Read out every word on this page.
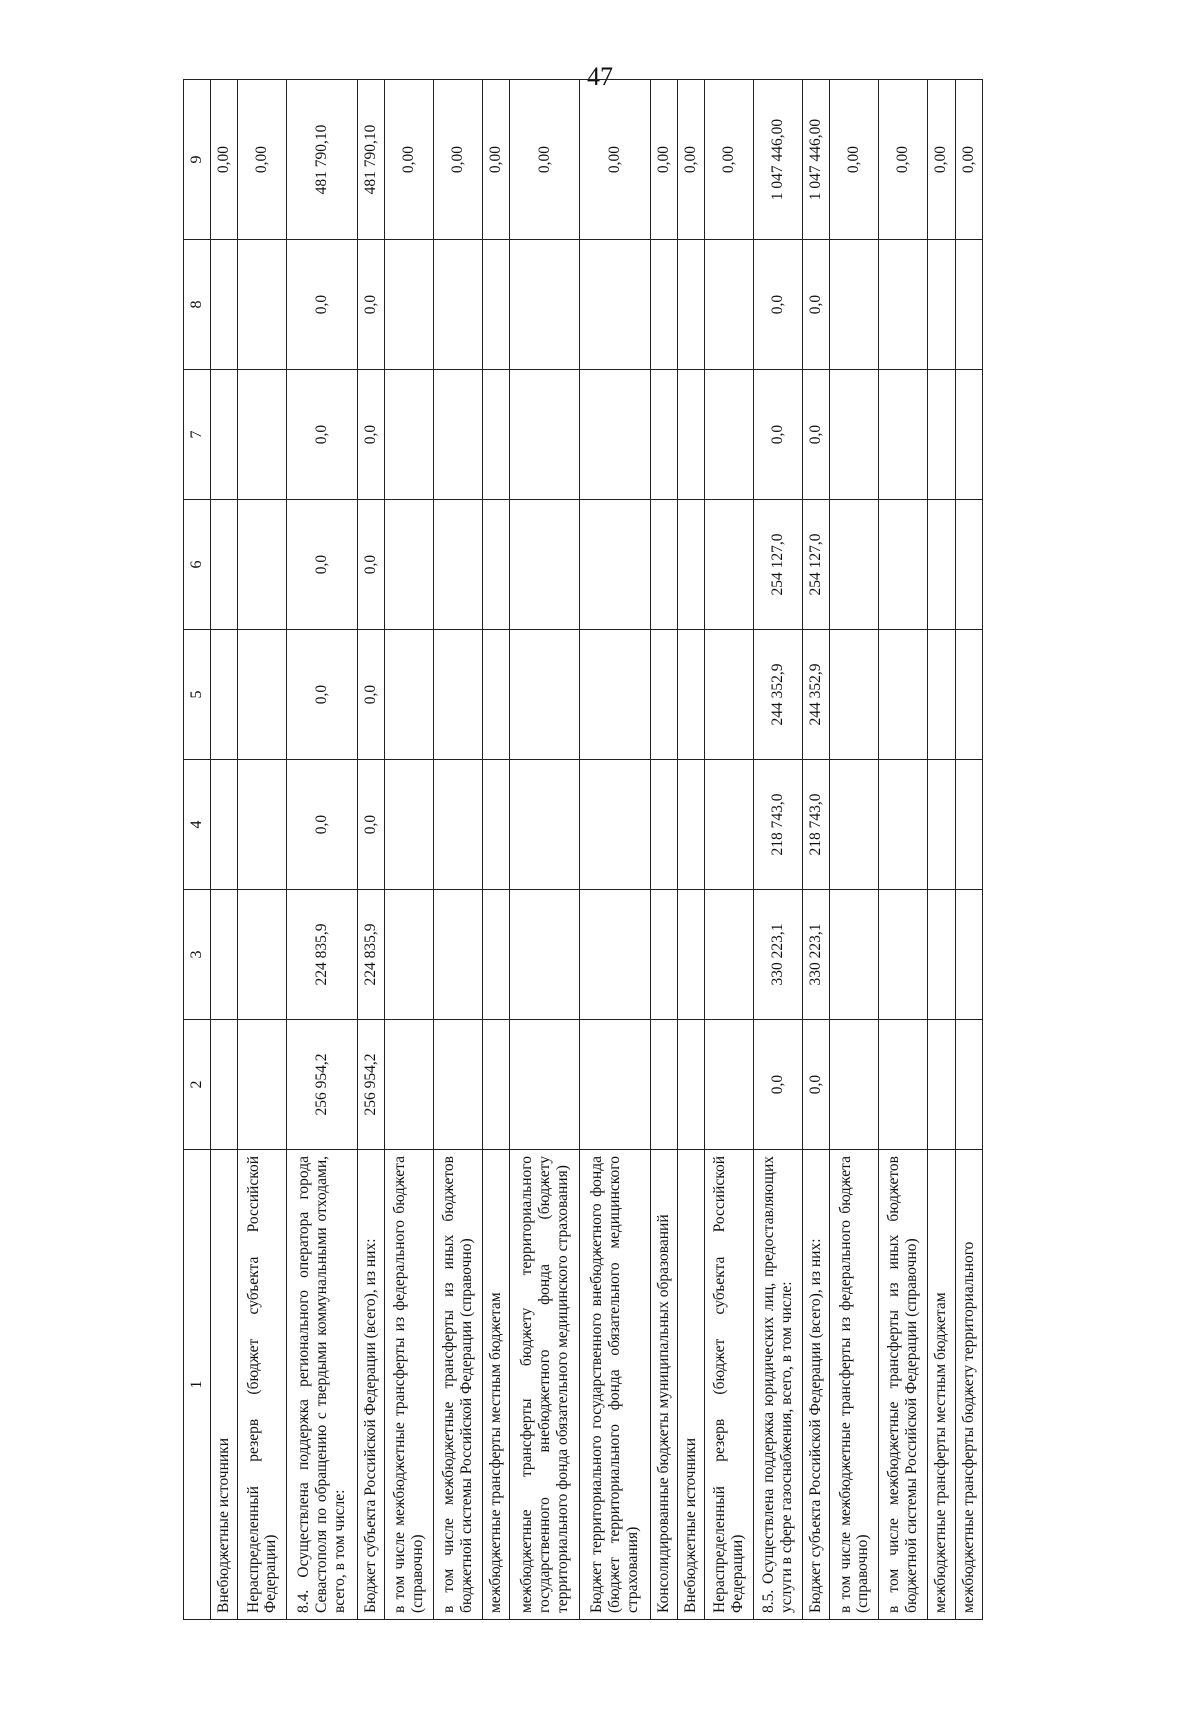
47
1	2	3	4	5	6	7	8	9
Внебюджетные источники								0,00
Нераспределенный резерв (бюджет субъекта Российской Федерации)								0,00
8.4. Осуществлена поддержка регионального оператора города Севастополя по обращению с твердыми коммунальными отходами, всего, в том числе:	256 954,2	224 835,9	0,0	0,0	0,0	0,0	0,0	481 790,10
Бюджет субъекта Российской Федерации (всего), из них:	256 954,2	224 835,9	0,0	0,0	0,0	0,0	0,0	481 790,10
в том числе межбюджетные трансферты из федерального бюджета (справочно)								0,00
в том числе межбюджетные трансферты из иных бюджетов бюджетной системы Российской Федерации (справочно)								0,00
межбюджетные трансферты местным бюджетам								0,00
межбюджетные трансферты бюджету территориального государственного внебюджетного фонда (бюджету территориального фонда обязательного медицинского страхования)								0,00
Бюджет территориального государственного внебюджетного фонда (бюджет территориального фонда обязательного медицинского страхования)								0,00
Консолидированные бюджеты муниципальных образований								0,00
Внебюджетные источники								0,00
Нераспределенный резерв (бюджет субъекта Российской Федерации)								0,00
8.5. Осуществлена поддержка юридических лиц, предоставляющих услуги в сфере газоснабжения, всего, в том числе:	0,0	330 223,1	218 743,0	244 352,9	254 127,0	0,0	0,0	1 047 446,00
Бюджет субъекта Российской Федерации (всего), из них:	0,0	330 223,1	218 743,0	244 352,9	254 127,0	0,0	0,0	1 047 446,00
в том числе межбюджетные трансферты из федерального бюджета (справочно)								0,00
в том числе межбюджетные трансферты из иных бюджетов бюджетной системы Российской Федерации (справочно)								0,00
межбюджетные трансферты местным бюджетам								0,00
межбюджетные трансферты бюджету территориального								0,00
